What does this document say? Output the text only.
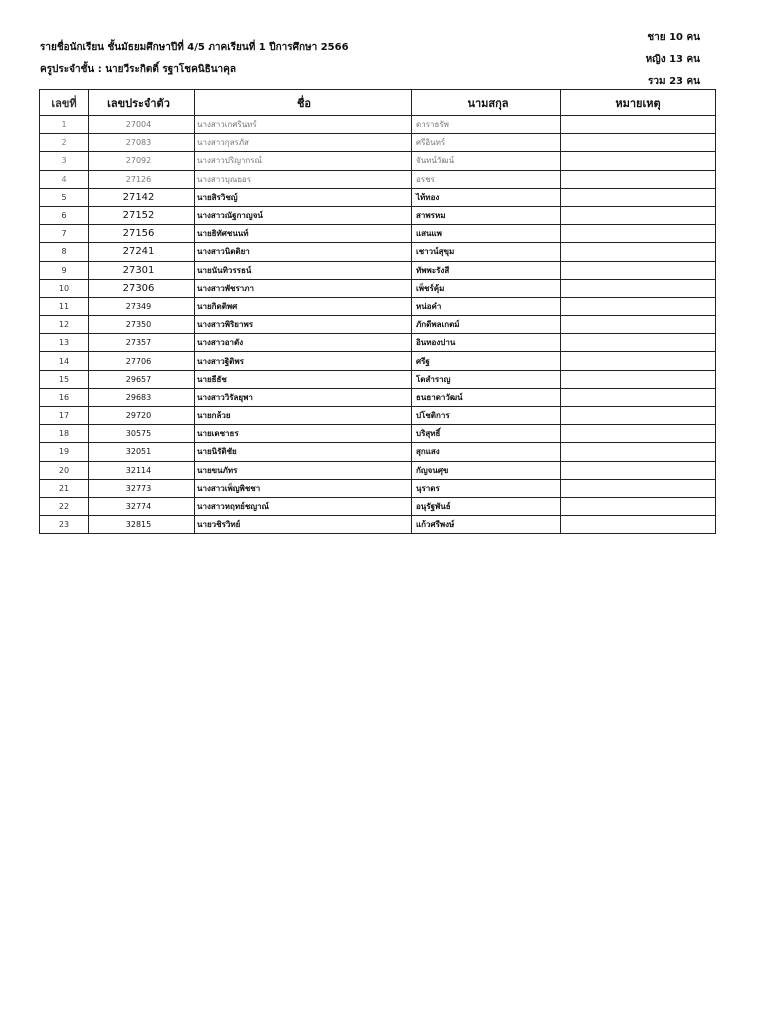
รายชื่อนักเรียน ชั้นมัธยมศึกษาปีที่ 4/5 ภาคเรียนที่ 1 ปีการศึกษา 2566
ครูประจำชั้น : นายวีระกิตติ์ รฐาโชคนิธินาคุล
ชาย 10 คน
หญิง 13 คน
รวม 23 คน
เลขที่	เลขประจำตัว	ชื่อ	นามสกุล	หมายเหตุ
1	27004	นางสาวเกศรินทร์	ดาราธรัพ	
2	27083	นางสาวกุลรภัส	ศรีอินทร์	
3	27092	นางสาวปริญากรณ์	จันทน์วัฒน์	
4	27126	นางสาวบุณยอร	อรชร	
5	27142	นายสิรวิชญ์	ไท้ทอง	
6	27152	นางสาวณัฐกาญจน์	สาพรหม	
7	27156	นายธิทัศชนนท์	แสนแพ	
8	27241	นางสาวนิตติยา	เชาวน์สุขุม	
9	27301	นายนันทิวรรธน์	ทัพพะรังสี	
10	27306	นางสาวพัชราภา	เพ็ชร์คุ้ม	
11	27349	นายกิตติพศ	หน่อคำ	
12	27350	นางสาวพิริยาพร	ภักดีพลเกตม์	
13	27357	นางสาวอาตัง	อินทองปาน	
14	27706	นางสาวฐิติพร	ศรีฐ	
15	29657	นายธีธัช	โตสำราญ	
16	29683	นางสาววิรัลยุพา	ธนธาดาวัฒน์	
17	29720	นายกล้วย	ปโชติการ	
18	30575	นายเดชาธร	บริสุทธิ์	
19	32051	นายนิรัติชัย	สุกแสง	
20	32114	นายขนภัทร	กัญจนศุข	
21	32773	นางสาวเพ็ญพิชชา	นุราดร	
22	32774	นางสาวหฤทย์ชญาณ์	อนุรัฐพันธ์	
23	32815	นายวชิรวิทย์	แก้วศรีพงษ์	
